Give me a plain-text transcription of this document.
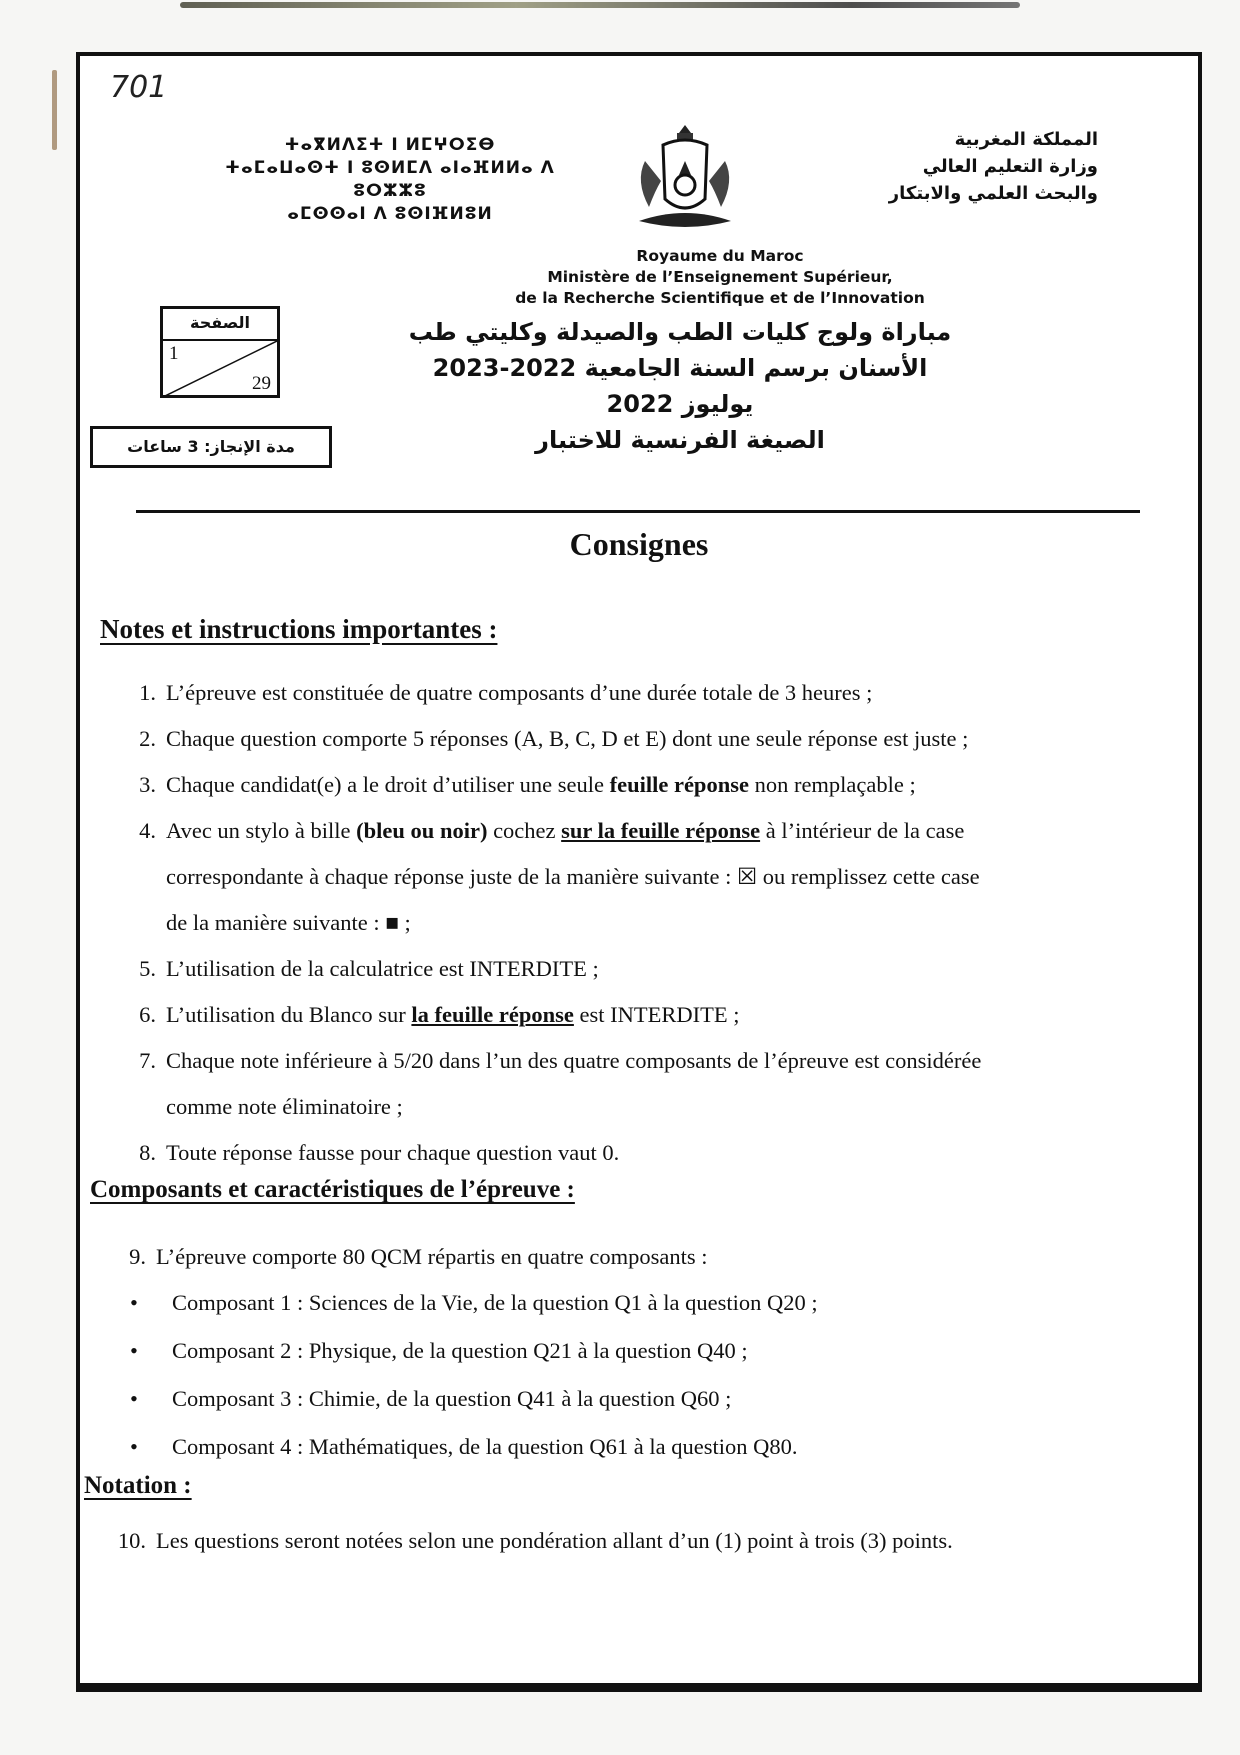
701
ⵜⴰⴳⵍⴷⵉⵜ ⵏ ⵍⵎⵖⵔⵉⴱ
ⵜⴰⵎⴰⵡⴰⵙⵜ ⵏ ⵓⵙⵍⵎⴷ ⴰⵏⴰⴼⵍⵍⴰ ⴷ ⵓⵔⵣⵣⵓ
ⴰⵎⵙⵙⴰⵏ ⴷ ⵓⵙⵏⴼⵍⵓⵍ
المملكة المغربية
وزارة التعليم العالي
والبحث العلمي والابتكار
Royaume du Maroc
Ministère de l’Enseignement Supérieur,
de la Recherche Scientifique et de l’Innovation
الصفحة
1
29
مدة الإنجاز: 3 ساعات
مباراة ولوج كليات الطب والصيدلة وكليتي طب
الأسنان برسم السنة الجامعية 2022-2023
يوليوز 2022
الصيغة الفرنسية للاختبار
Consignes
Notes et instructions importantes :
1. L’épreuve est constituée de quatre composants d’une durée totale de 3 heures ;
2. Chaque question comporte 5 réponses (A, B, C, D et E) dont une seule réponse est juste ;
3. Chaque candidat(e) a le droit d’utiliser une seule feuille réponse non remplaçable ;
4. Avec un stylo à bille (bleu ou noir) cochez sur la feuille réponse à l’intérieur de la case
correspondante à chaque réponse juste de la manière suivante : ☒ ou remplissez cette case
de la manière suivante : ■ ;
5. L’utilisation de la calculatrice est INTERDITE ;
6. L’utilisation du Blanco sur la feuille réponse est INTERDITE ;
7. Chaque note inférieure à 5/20 dans l’un des quatre composants de l’épreuve est considérée
comme note éliminatoire ;
8. Toute réponse fausse pour chaque question vaut 0.
Composants et caractéristiques de l’épreuve :
9. L’épreuve comporte 80 QCM répartis en quatre composants :
• Composant 1 : Sciences de la Vie, de la question Q1 à la question Q20 ;
• Composant 2 : Physique, de la question Q21 à la question Q40 ;
• Composant 3 : Chimie, de la question Q41 à la question Q60 ;
• Composant 4 : Mathématiques, de la question Q61 à la question Q80.
Notation :
10. Les questions seront notées selon une pondération allant d’un (1) point à trois (3) points.
